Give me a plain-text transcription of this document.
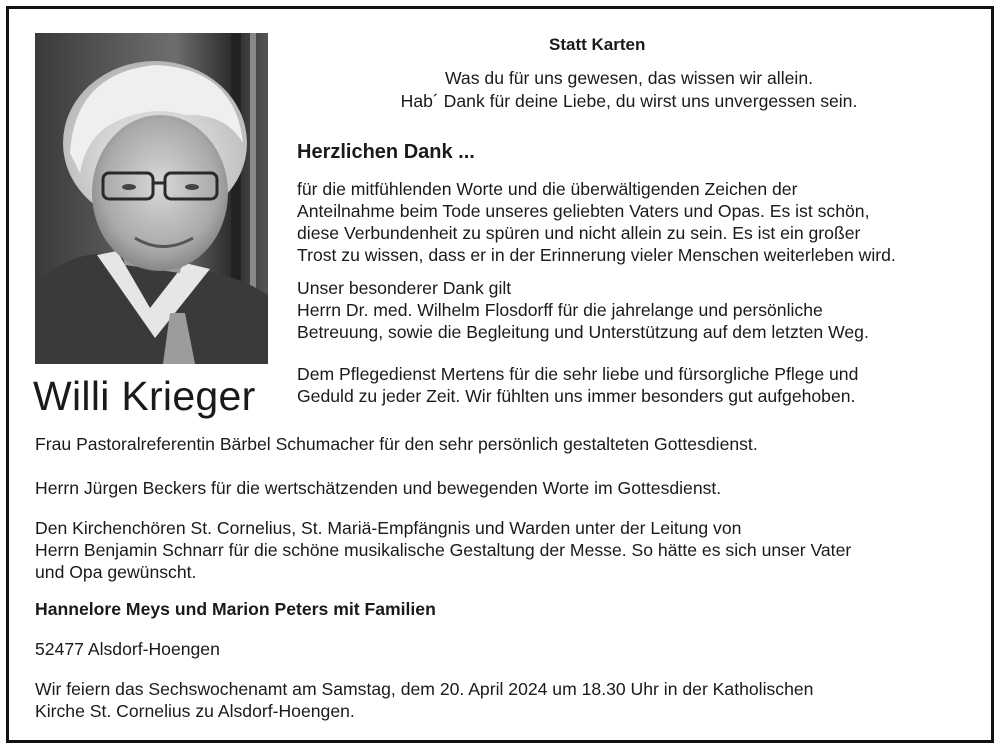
Willi Krieger
Statt Karten
Was du für uns gewesen, das wissen wir allein.
Hab´ Dank für deine Liebe, du wirst uns unvergessen sein.
Herzlichen Dank ...
für die mitfühlenden Worte und die überwältigenden Zeichen der
Anteilnahme beim Tode unseres geliebten Vaters und Opas. Es ist schön,
diese Verbundenheit zu spüren und nicht allein zu sein. Es ist ein großer
Trost zu wissen, dass er in der Erinnerung vieler Menschen weiterleben wird.
Unser besonderer Dank gilt
Herrn Dr. med. Wilhelm Flosdorff für die jahrelange und persönliche
Betreuung, sowie die Begleitung und Unterstützung auf dem letzten Weg.
Dem Pflegedienst Mertens für die sehr liebe und fürsorgliche Pflege und
Geduld zu jeder Zeit. Wir fühlten uns immer besonders gut aufgehoben.
Frau Pastoralreferentin Bärbel Schumacher für den sehr persönlich gestalteten Gottesdienst.
Herrn Jürgen Beckers für die wertschätzenden und bewegenden Worte im Gottesdienst.
Den Kirchenchören St. Cornelius, St. Mariä-Empfängnis und Warden unter der Leitung von
Herrn Benjamin Schnarr für die schöne musikalische Gestaltung der Messe. So hätte es sich unser Vater
und Opa gewünscht.
Hannelore Meys und Marion Peters mit Familien
52477 Alsdorf-Hoengen
Wir feiern das Sechswochenamt am Samstag, dem 20. April 2024 um 18.30 Uhr in der Katholischen
Kirche St. Cornelius zu Alsdorf-Hoengen.
